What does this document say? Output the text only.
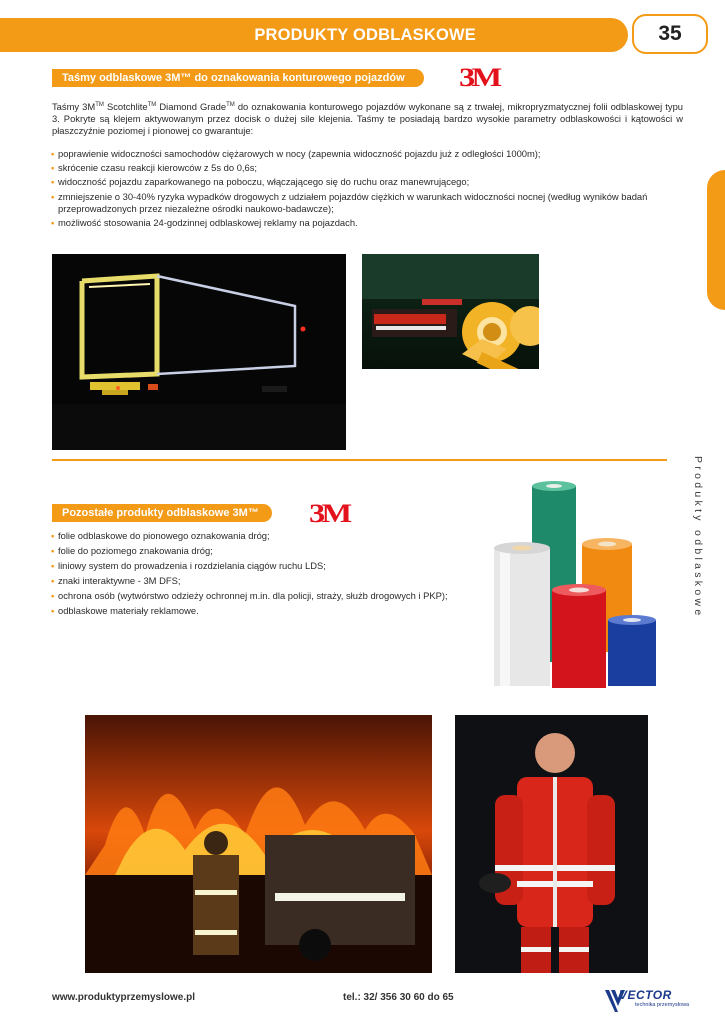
PRODUKTY ODBLASKOWE	35
Taśmy odblaskowe 3M™ do oznakowania konturowego pojazdów	3M

Taśmy 3M™ Scotchlite™ Diamond Grade™ do oznakowania konturowego pojazdów wykonane są z trwałej, mikropryzmatycznej folii odblaskowej typu 3. Pokryte są klejem aktywowanym przez docisk o dużej sile klejenia. Taśmy te posiadają bardzo wysokie parametry odblaskowości i kątowości w płaszczyźnie poziomej i pionowej co gwarantuje:

• poprawienie widoczności samochodów ciężarowych w nocy (zapewnia widoczność pojazdu już z odległości 1000m);
• skrócenie czasu reakcji kierowców z 5s do 0,6s;
• widoczność pojazdu zaparkowanego na poboczu, włączającego się do ruchu oraz manewrującego;
• zmniejszenie o 30-40% ryzyka wypadków drogowych z udziałem pojazdów ciężkich w warunkach widoczności nocnej (według wyników badań przeprowadzonych przez niezależne ośrodki naukowo-badawcze);
• możliwość stosowania 24-godzinnej odblaskowej reklamy na pojazdach.
Pozostałe produkty odblaskowe 3M™	3M
• folie odblaskowe do pionowego oznakowania dróg;
• folie do poziomego znakowania dróg;
• liniowy system do prowadzenia i rozdzielania ciągów ruchu LDS;
• znaki interaktywne - 3M DFS;
• ochrona osób (wytwórstwo odzieży ochronnej m.in. dla policji, straży, służb drogowych i PKP);
• odblaskowe materiały reklamowe.	Produkty odblaskowe
www.produktyprzemyslowe.pl	tel.: 32/ 356 30 60 do 65	VECTOR
technika przemysłowa
